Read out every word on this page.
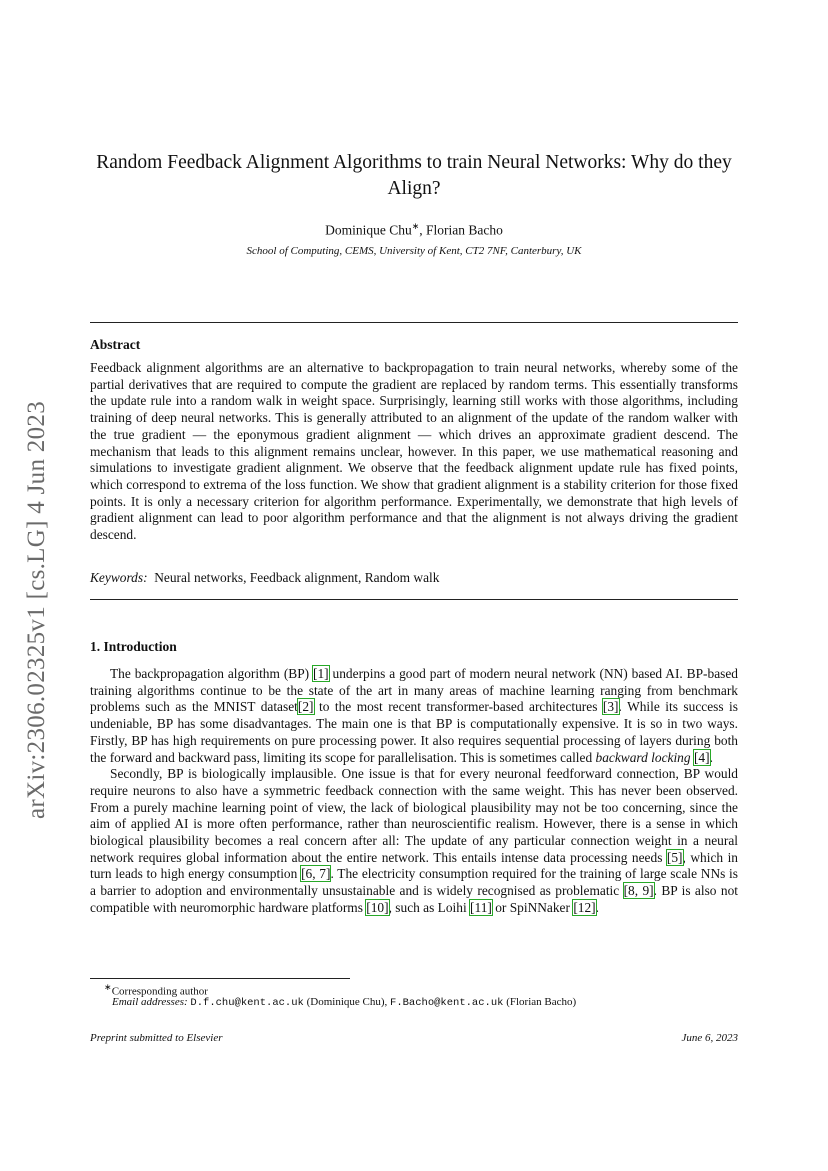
arXiv:2306.02325v1 [cs.LG] 4 Jun 2023
Random Feedback Alignment Algorithms to train Neural Networks: Why do they Align?
Dominique Chu∗, Florian Bacho
School of Computing, CEMS, University of Kent, CT2 7NF, Canterbury, UK
Abstract
Feedback alignment algorithms are an alternative to backpropagation to train neural networks, whereby some of the partial derivatives that are required to compute the gradient are replaced by random terms. This essentially transforms the update rule into a random walk in weight space. Surprisingly, learning still works with those algorithms, including training of deep neural networks. This is generally attributed to an alignment of the update of the random walker with the true gradient — the eponymous gradient alignment — which drives an approximate gradient descend. The mechanism that leads to this alignment remains unclear, however. In this paper, we use mathematical reasoning and simulations to investigate gradient alignment. We observe that the feedback alignment update rule has fixed points, which correspond to extrema of the loss function. We show that gradient alignment is a stability criterion for those fixed points. It is only a necessary criterion for algorithm performance. Experimentally, we demonstrate that high levels of gradient alignment can lead to poor algorithm performance and that the alignment is not always driving the gradient descend.
Keywords: Neural networks, Feedback alignment, Random walk
1. Introduction

The backpropagation algorithm (BP) [1] underpins a good part of modern neural network (NN) based AI. BP-based training algorithms continue to be the state of the art in many areas of machine learning ranging from benchmark problems such as the MNIST dataset[2] to the most recent transformer-based architectures [3]. While its success is undeniable, BP has some disadvantages. The main one is that BP is computationally expensive. It is so in two ways. Firstly, BP has high requirements on pure processing power. It also requires sequential processing of layers during both the forward and backward pass, limiting its scope for parallelisation. This is sometimes called backward locking [4].

Secondly, BP is biologically implausible. One issue is that for every neuronal feedforward connection, BP would require neurons to also have a symmetric feedback connection with the same weight. This has never been observed. From a purely machine learning point of view, the lack of biological plausibility may not be too concerning, since the aim of applied AI is more often performance, rather than neuroscientific realism. However, there is a sense in which biological plausibility becomes a real concern after all: The update of any particular connection weight in a neural network requires global information about the entire network. This entails intense data processing needs [5], which in turn leads to high energy consumption [6, 7]. The electricity consumption required for the training of large scale NNs is a barrier to adoption and environmentally unsustainable and is widely recognised as problematic [8, 9]. BP is also not compatible with neuromorphic hardware platforms [10], such as Loihi [11] or SpiNNaker [12].

∗Corresponding author
Email addresses: D.f.chu@kent.ac.uk (Dominique Chu), F.Bacho@kent.ac.uk (Florian Bacho)
Preprint submitted to Elsevier	June 6, 2023
